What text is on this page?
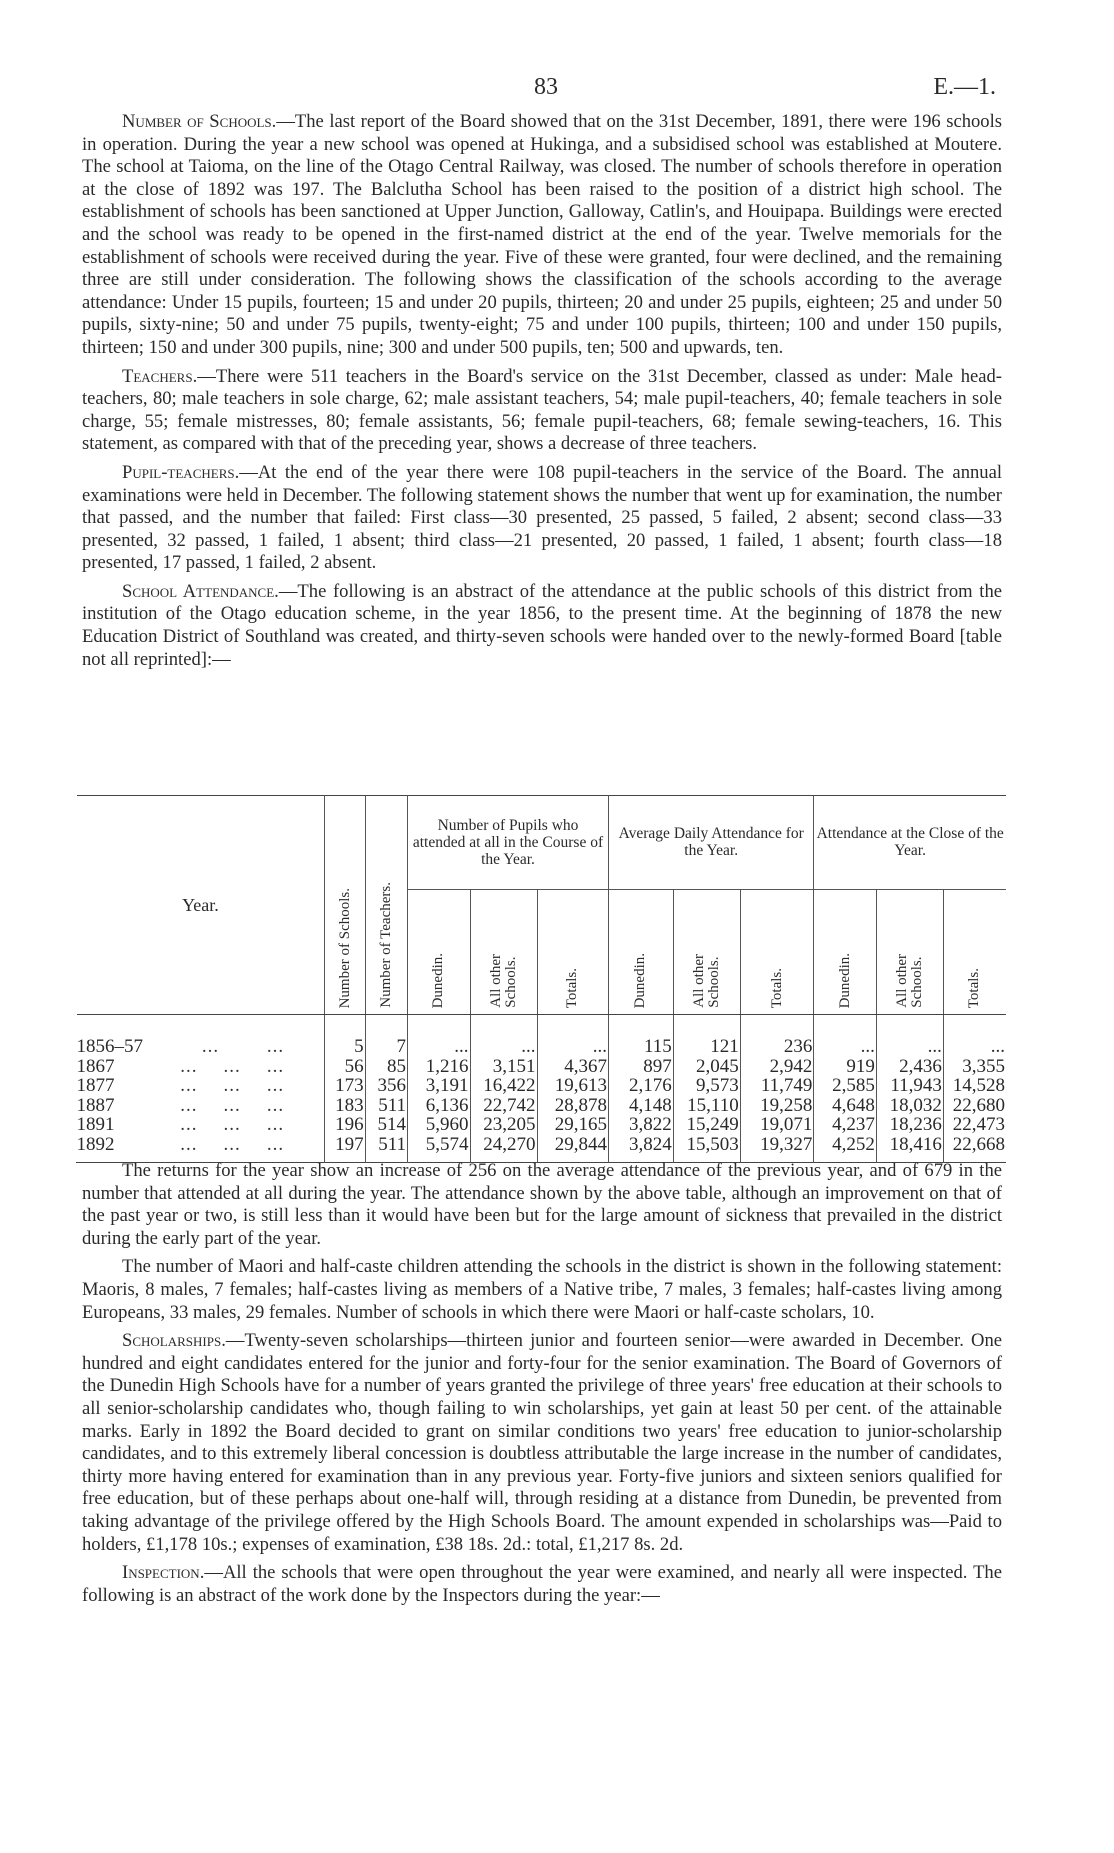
83	E.—1.

Number of Schools.—The last report of the Board showed that on the 31st December, 1891, there were 196 schools in operation. During the year a new school was opened at Hukinga, and a subsidised school was established at Moutere. The school at Taioma, on the line of the Otago Central Railway, was closed. The number of schools therefore in operation at the close of 1892 was 197. The Balclutha School has been raised to the position of a district high school. The establishment of schools has been sanctioned at Upper Junction, Galloway, Catlin's, and Houipapa. Buildings were erected and the school was ready to be opened in the first-named district at the end of the year. Twelve memorials for the establishment of schools were received during the year. Five of these were granted, four were declined, and the remaining three are still under consideration. The following shows the classification of the schools according to the average attendance: Under 15 pupils, fourteen; 15 and under 20 pupils, thirteen; 20 and under 25 pupils, eighteen; 25 and under 50 pupils, sixty-nine; 50 and under 75 pupils, twenty-eight; 75 and under 100 pupils, thirteen; 100 and under 150 pupils, thirteen; 150 and under 300 pupils, nine; 300 and under 500 pupils, ten; 500 and upwards, ten.

Teachers.—There were 511 teachers in the Board's service on the 31st December, classed as under: Male head-teachers, 80; male teachers in sole charge, 62; male assistant teachers, 54; male pupil-teachers, 40; female teachers in sole charge, 55; female mistresses, 80; female assistants, 56; female pupil-teachers, 68; female sewing-teachers, 16. This statement, as compared with that of the preceding year, shows a decrease of three teachers.

Pupil-teachers.—At the end of the year there were 108 pupil-teachers in the service of the Board. The annual examinations were held in December. The following statement shows the number that went up for examination, the number that passed, and the number that failed: First class—30 presented, 25 passed, 5 failed, 2 absent; second class—33 presented, 32 passed, 1 failed, 1 absent; third class—21 presented, 20 passed, 1 failed, 1 absent; fourth class—18 presented, 17 passed, 1 failed, 2 absent.

School Attendance.—The following is an abstract of the attendance at the public schools of this district from the institution of the Otago education scheme, in the year 1856, to the present time. At the beginning of 1878 the new Education District of Southland was created, and thirty-seven schools were handed over to the newly-formed Board [table not all reprinted]:—

Year.	Number of Schools.	Number of Teachers.	Number of Pupils who attended at all in the Course of the Year.			Average Daily Attendance for the Year.			Attendance at the Close of the Year.		

			Dunedin.	All other
Schools.	Totals.	Dunedin.	All other
Schools.	Totals.	Dunedin.	All other
Schools.	Totals.

1856–57 ... ...	5	7	...	...	...	115	121	236	...	...	...

1867 ... ... ...	56	85	1,216	3,151	4,367	897	2,045	2,942	919	2,436	3,355

1877 ... ... ...	173	356	3,191	16,422	19,613	2,176	9,573	11,749	2,585	11,943	14,528

1887 ... ... ...	183	511	6,136	22,742	28,878	4,148	15,110	19,258	4,648	18,032	22,680

1891 ... ... ...	196	514	5,960	23,205	29,165	3,822	15,249	19,071	4,237	18,236	22,473

1892 ... ... ...	197	511	5,574	24,270	29,844	3,824	15,503	19,327	4,252	18,416	22,668

The returns for the year show an increase of 256 on the average attendance of the previous year, and of 679 in the number that attended at all during the year. The attendance shown by the above table, although an improvement on that of the past year or two, is still less than it would have been but for the large amount of sickness that prevailed in the district during the early part of the year.

The number of Maori and half-caste children attending the schools in the district is shown in the following statement: Maoris, 8 males, 7 females; half-castes living as members of a Native tribe, 7 males, 3 females; half-castes living among Europeans, 33 males, 29 females. Number of schools in which there were Maori or half-caste scholars, 10.

Scholarships.—Twenty-seven scholarships—thirteen junior and fourteen senior—were awarded in December. One hundred and eight candidates entered for the junior and forty-four for the senior examination. The Board of Governors of the Dunedin High Schools have for a number of years granted the privilege of three years' free education at their schools to all senior-scholarship candidates who, though failing to win scholarships, yet gain at least 50 per cent. of the attainable marks. Early in 1892 the Board decided to grant on similar conditions two years' free education to junior-scholarship candidates, and to this extremely liberal concession is doubtless attributable the large increase in the number of candidates, thirty more having entered for examination than in any previous year. Forty-five juniors and sixteen seniors qualified for free education, but of these perhaps about one-half will, through residing at a distance from Dunedin, be prevented from taking advantage of the privilege offered by the High Schools Board. The amount expended in scholarships was—Paid to holders, £1,178 10s.; expenses of examination, £38 18s. 2d.: total, £1,217 8s. 2d.

Inspection.—All the schools that were open throughout the year were examined, and nearly all were inspected. The following is an abstract of the work done by the Inspectors during the year:—
